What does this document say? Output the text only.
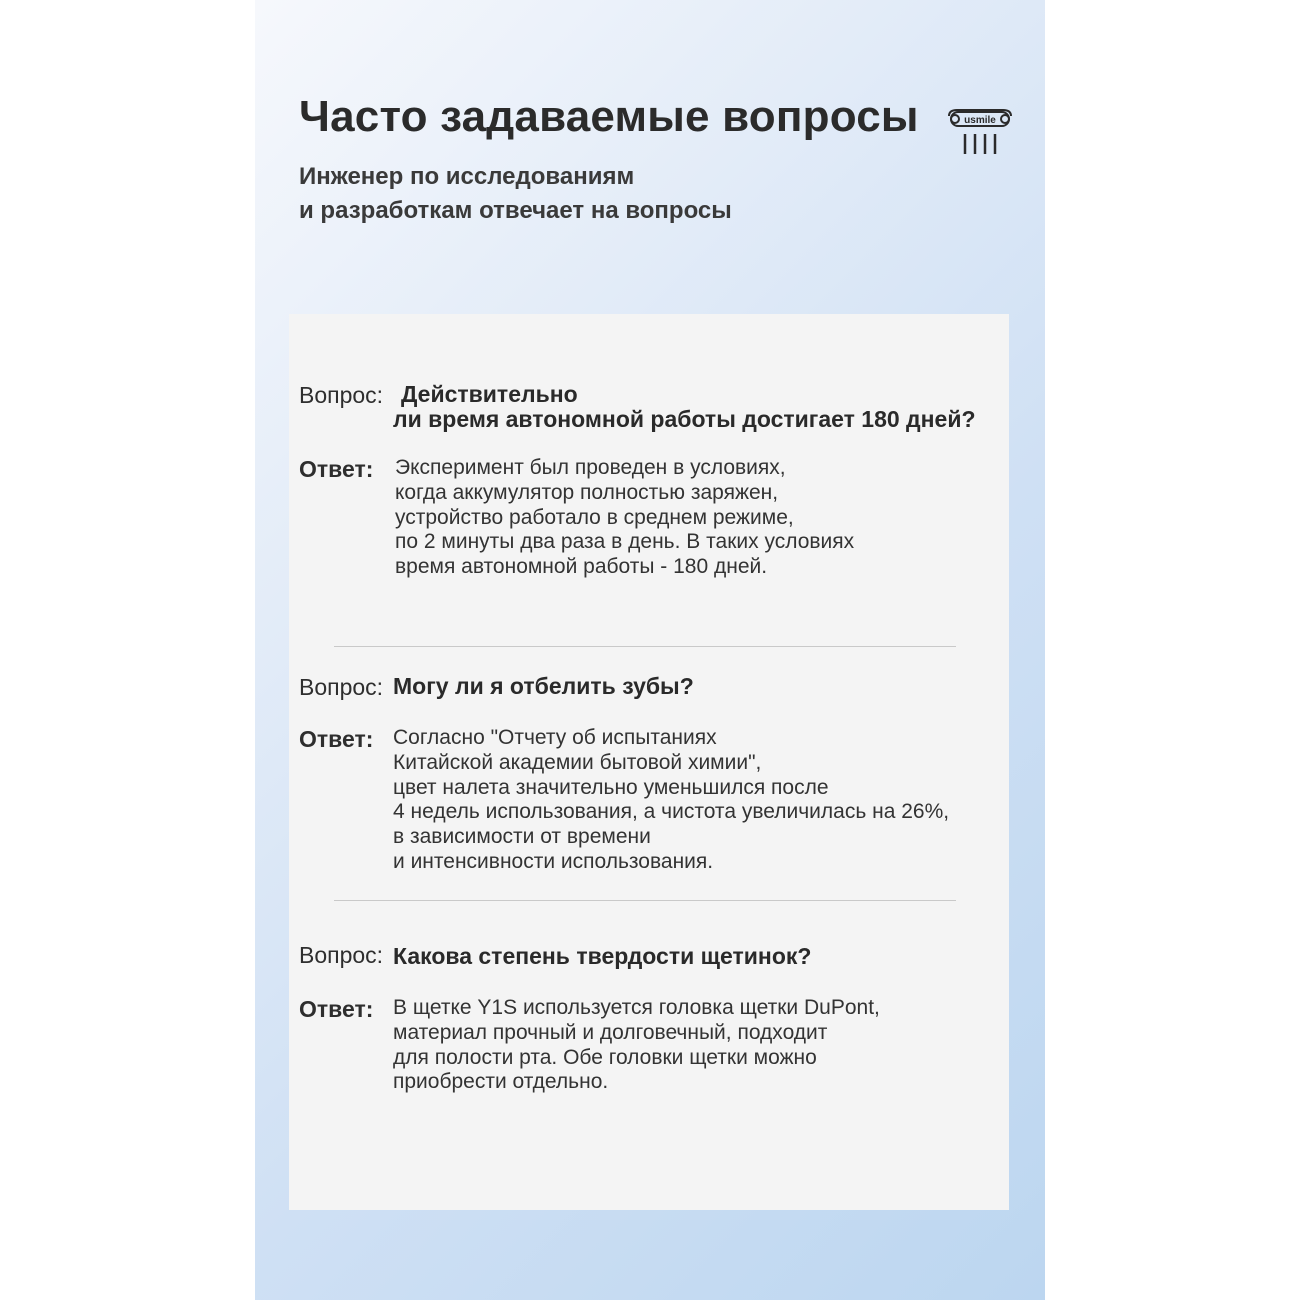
Часто задаваемые вопросы
Инженер по исследованиям
и разработкам отвечает на вопросы
usmile
Вопрос: Действительно
ли время автономной работы достигает 180 дней?
Ответ: Эксперимент был проведен в условиях,
когда аккумулятор полностью заряжен,
устройство работало в среднем режиме,
по 2 минуты два раза в день. В таких условиях
время автономной работы - 180 дней.
Вопрос: Могу ли я отбелить зубы?
Ответ: Согласно "Отчету об испытаниях
Китайской академии бытовой химии",
цвет налета значительно уменьшился после
4 недель использования, а чистота увеличилась на 26%,
в зависимости от времени
и интенсивности использования.
Вопрос: Какова степень твердости щетинок?
Ответ: В щетке Y1S используется головка щетки DuPont,
материал прочный и долговечный, подходит
для полости рта. Обе головки щетки можно
приобрести отдельно.
